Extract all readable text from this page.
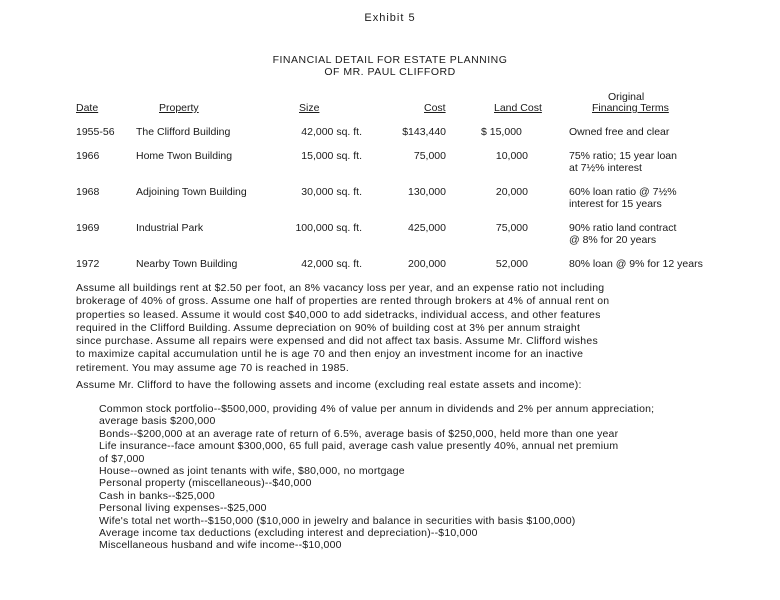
Exhibit 5
FINANCIAL DETAIL FOR ESTATE PLANNING
OF MR. PAUL CLIFFORD
Date	Property	Size	Cost	Land Cost
Original
Financing Terms
1955-56 The Clifford Building	42,000 sq. ft.	$143,440	$ 15,000	Owned free and clear
1966	Home Twon Building	15,000 sq. ft.	75,000	10,000	75% ratio; 15 year loan
at 7½% interest
1968	Adjoining Town Building	30,000 sq. ft.	130,000	20,000	60% loan ratio @ 7½%
interest for 15 years
1969	Industrial Park	100,000 sq. ft.	425,000	75,000	90% ratio land contract
@ 8% for 20 years
1972	Nearby Town Building	42,000 sq. ft.	200,000	52,000	80% loan @ 9% for 12 years
Assume all buildings rent at $2.50 per foot, an 8% vacancy loss per year, and an expense ratio not including
brokerage of 40% of gross. Assume one half of properties are rented through brokers at 4% of annual rent on
properties so leased. Assume it would cost $40,000 to add sidetracks, individual access, and other features
required in the Clifford Building. Assume depreciation on 90% of building cost at 3% per annum straight
since purchase. Assume all repairs were expensed and did not affect tax basis. Assume Mr. Clifford wishes
to maximize capital accumulation until he is age 70 and then enjoy an investment income for an inactive
retirement. You may assume age 70 is reached in 1985.
Assume Mr. Clifford to have the following assets and income (excluding real estate assets and income):
Common stock portfolio--$500,000, providing 4% of value per annum in dividends and 2% per annum appreciation;
average basis $200,000
Bonds--$200,000 at an average rate of return of 6.5%, average basis of $250,000, held more than one year
Life insurance--face amount $300,000, 65 full paid, average cash value presently 40%, annual net premium
of $7,000
House--owned as joint tenants with wife, $80,000, no mortgage
Personal property (miscellaneous)--$40,000
Cash in banks--$25,000
Personal living expenses--$25,000
Wife's total net worth--$150,000 ($10,000 in jewelry and balance in securities with basis $100,000)
Average income tax deductions (excluding interest and depreciation)--$10,000
Miscellaneous husband and wife income--$10,000
